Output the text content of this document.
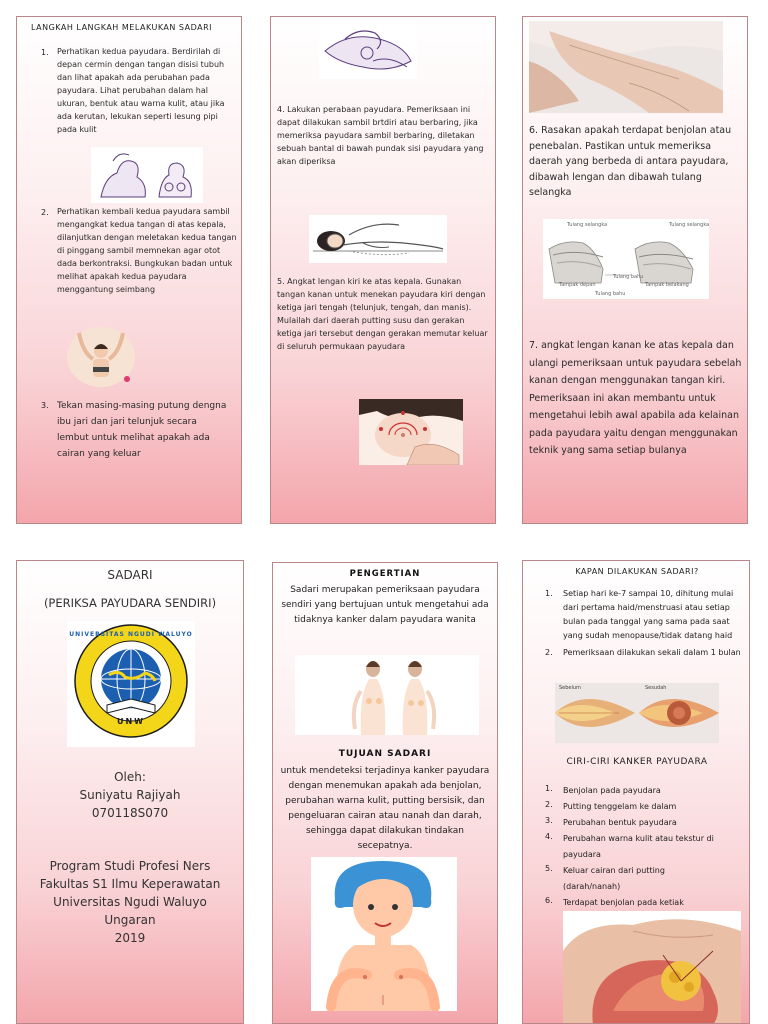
LANGKAH LANGKAH MELAKUKAN SADARI
1. Perhatikan kedua payudara. Berdirilah di depan cermin dengan tangan disisi tubuh dan lihat apakah ada perubahan pada payudara. Lihat perubahan dalam hal ukuran, bentuk atau warna kulit, atau jika ada kerutan, lekukan seperti lesung pipi pada kulit
2. Perhatikan kembali kedua payudara sambil mengangkat kedua tangan di atas kepala, dilanjutkan dengan meletakan kedua tangan di pinggang sambil memnekan agar otot dada berkontraksi. Bungkukan badan untuk melihat apakah kedua payudara menggantung seimbang
3. Tekan masing-masing putung dengna ibu jari dan jari telunjuk secara lembut untuk melihat apakah ada cairan yang keluar
4. Lakukan perabaan payudara. Pemeriksaan ini dapat dilakukan sambil brtdiri atau berbaring, jika memeriksa payudara sambil berbaring, diletakan sebuah bantal di bawah pundak sisi payudara yang akan diperiksa
5. Angkat lengan kiri ke atas kepala. Gunakan tangan kanan untuk menekan payudara kiri dengan ketiga jari tengah (telunjuk, tengah, dan manis). Mulailah dari daerah putting susu dan gerakan ketiga jari tersebut dengan gerakan memutar keluar di seluruh permukaan payudara
6. Rasakan apakah terdapat benjolan atau penebalan. Pastikan untuk memeriksa daerah yang berbeda di antara payudara, dibawah lengan dan dibawah tulang selangka
Tulang selangka	Tulang selangka
Tulang bahu
Tampak depan	Tampak belakang
Tulang bahu
7. angkat lengan kanan ke atas kepala dan ulangi pemeriksaan untuk payudara sebelah kanan dengan menggunakan tangan kiri. Pemeriksaan ini akan membantu untuk mengetahui lebih awal apabila ada kelainan pada payudara yaitu dengan menggunakan teknik yang sama setiap bulanya
SADARI
(PERIKSA PAYUDARA SENDIRI)
UNIVERSITAS NGUDI WALUYO
UNW
Oleh:
Suniyatu Rajiyah
070118S070
Program Studi Profesi Ners
Fakultas S1 Ilmu Keperawatan
Universitas Ngudi Waluyo
Ungaran
2019
PENGERTIAN
Sadari merupakan pemeriksaan payudara sendiri yang bertujuan untuk mengetahui ada tidaknya kanker dalam payudara wanita
TUJUAN SADARI
untuk mendeteksi terjadinya kanker payudara dengan menemukan apakah ada benjolan, perubahan warna kulit, putting bersisik, dan pengeluaran cairan atau nanah dan darah, sehingga dapat dilakukan tindakan secepatnya.
KAPAN DILAKUKAN SADARI?
1. Setiap hari ke-7 sampai 10, dihitung mulai dari pertama haid/menstruasi atau setiap bulan pada tanggal yang sama pada saat yang sudah menopause/tidak datang haid
2. Pemeriksaan dilakukan sekali dalam 1 bulan
Sebelum	Sesudah
CIRI-CIRI KANKER PAYUDARA
1. Benjolan pada payudara
2. Putting tenggelam ke dalam
3. Perubahan bentuk payudara
4. Perubahan warna kulit atau tekstur di payudara
5. Keluar cairan dari putting (darah/nanah)
6. Terdapat benjolan pada ketiak
